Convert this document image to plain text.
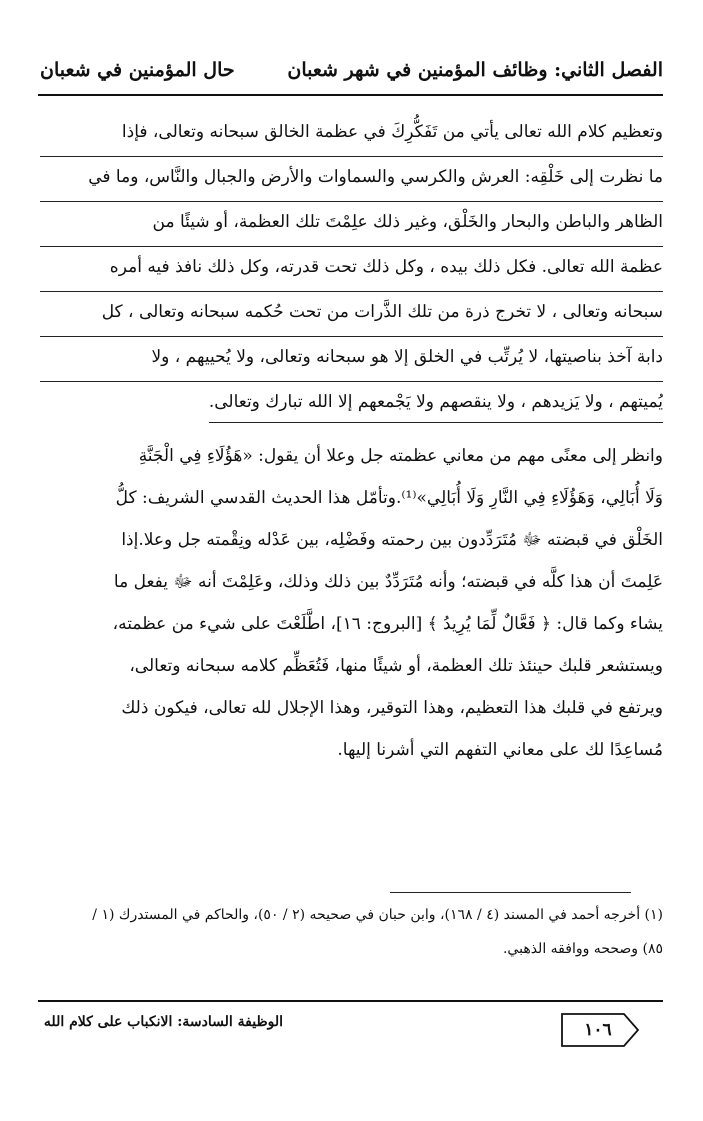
الفصل الثاني: وظائف المؤمنين في شهر شعبان
حال المؤمنين في شعبان
وتعظيم كلام الله تعالى يأتي من تَفَكُّرِكَ في عظمة الخالق سبحانه وتعالى، فإذا
ما نظرت إلى خَلْقِه: العرش والكرسي والسماوات والأرض والجبال والنَّاس، وما في
الظاهر والباطن والبحار والخَلْق، وغير ذلك علِمْتَ تلك العظمة، أو شيئًا من
عظمة الله تعالى. فكل ذلك بيده ، وكل ذلك تحت قدرته، وكل ذلك نافذ فيه أمره
سبحانه وتعالى ، لا تخرج ذرة من تلك الذَّرات من تحت حُكمه سبحانه وتعالى ، كل
دابة آخذ بناصيتها، لا يُرتِّب في الخلق إلا هو سبحانه وتعالى، ولا يُحييهم ، ولا
يُميتهم ، ولا يَزيدهم ، ولا ينقصهم ولا يَجْمعهم إلا الله تبارك وتعالى.
وانظر إلى معنًى مهم من معاني عظمته جل وعلا أن يقول: «هَؤُلَاءِ فِي الْجَنَّةِ
وَلَا أُبَالِي، وَهَؤُلَاءِ فِي النَّارِ وَلَا أُبَالِي»⁽¹⁾.وتأمّل هذا الحديث القدسي الشريف: كلُّ
الخَلْق في قبضته ﷻ مُتَرَدِّدون بين رحمته وفَضْلِه، بين عَدْله ونِقْمته جل وعلا.إذا
عَلِمتَ أن هذا كلَّه في قبضته؛ وأنه مُتَرَدِّدٌ بين ذلك وذلك، وعَلِمْتَ أنه ﷻ يفعل ما
يشاء وكما قال: ﴿ فَعَّالٌ لِّمَا يُرِيدُ ﴾ [البروج: ١٦]، اطَّلَعْتَ على شيء من عظمته،
ويستشعر قلبك حينئذ تلك العظمة، أو شيئًا منها، فَتُعَظِّم كلامه سبحانه وتعالى،
ويرتفع في قلبك هذا التعظيم، وهذا التوقير، وهذا الإجلال لله تعالى، فيكون ذلك
مُساعِدًا لك على معاني التفهم التي أشرنا إليها.
(١) أخرجه أحمد في المسند (٤ / ١٦٨)، وابن حبان في صحيحه (٢ / ٥٠)، والحاكم في المستدرك (١ /
٨٥) وصححه ووافقه الذهبي.
الوظيفة السادسة: الانكباب على كلام الله	١٠٦
